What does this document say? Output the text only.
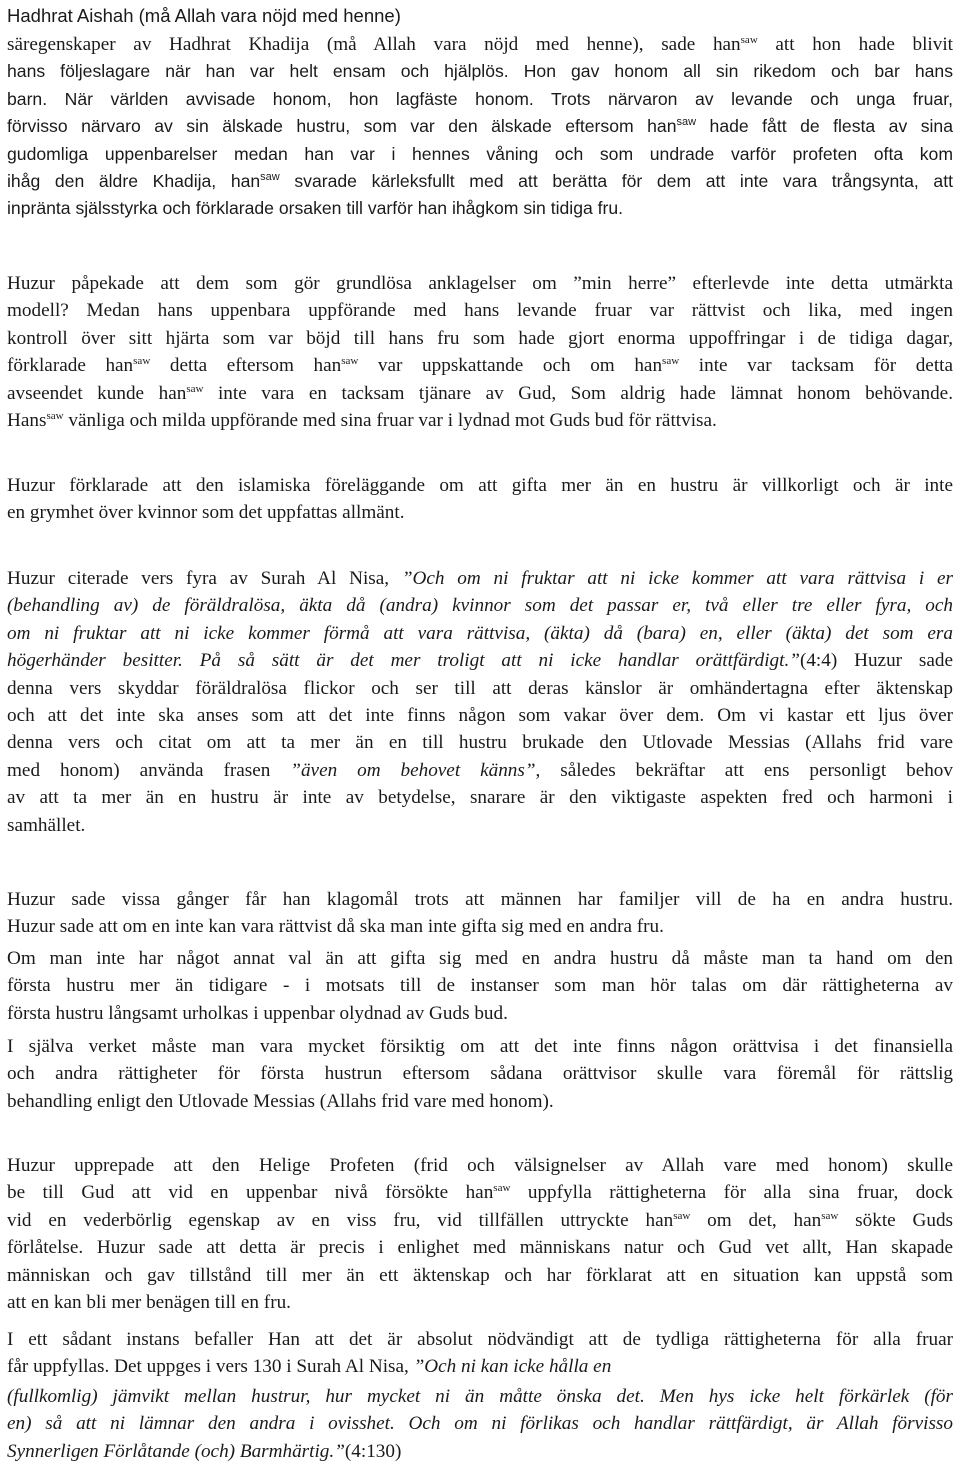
Hadhrat Aishah (må Allah vara nöjd med henne)
säregenskaper av Hadhrat Khadija (må Allah vara nöjd med henne), sade han$^{saw}$ att hon hade blivit
hans följeslagare när han var helt ensam och hjälplös. Hon gav honom all sin rikedom och bar hans
barn. När världen avvisade honom, hon lagfäste honom. Trots närvaron av levande och unga fruar,
förvisso närvaro av sin älskade hustru, som var den älskade eftersom han$^{saw}$ hade fått de flesta av sina
gudomliga uppenbarelser medan han var i hennes våning och som undrade varför profeten ofta kom
ihåg den äldre Khadija, han$^{saw}$ svarade kärleksfullt med att berätta för dem att inte vara trångsynta, att
inpränta själsstyrka och förklarade orsaken till varför han ihågkom sin tidiga fru.
Huzur påpekade att dem som gör grundlösa anklagelser om ”min herre” efterlevde inte detta utmärkta
modell? Medan hans uppenbara uppförande med hans levande fruar var rättvist och lika, med ingen
kontroll över sitt hjärta som var böjd till hans fru som hade gjort enorma uppoffringar i de tidiga dagar,
förklarade han$^{saw}$ detta eftersom han$^{saw}$ var uppskattande och om han$^{saw}$ inte var tacksam för detta
avseendet kunde han$^{saw}$ inte vara en tacksam tjänare av Gud, Som aldrig hade lämnat honom behövande.
Hans$^{saw}$ vänliga och milda uppförande med sina fruar var i lydnad mot Guds bud för rättvisa.
Huzur förklarade att den islamiska föreläggande om att gifta mer än en hustru är villkorligt och är inte
en grymhet över kvinnor som det uppfattas allmänt.
Huzur citerade vers fyra av Surah Al Nisa, ”Och om ni fruktar att ni icke kommer att vara rättvisa i er
(behandling av) de föräldralösa, äkta då (andra) kvinnor som det passar er, två eller tre eller fyra, och
om ni fruktar att ni icke kommer förmå att vara rättvisa, (äkta) då (bara) en, eller (äkta) det som era
högerhänder besitter. På så sätt är det mer troligt att ni icke handlar orättfärdigt.”(4:4) Huzur sade
denna vers skyddar föräldralösa flickor och ser till att deras känslor är omhändertagna efter äktenskap
och att det inte ska anses som att det inte finns någon som vakar över dem. Om vi kastar ett ljus över
denna vers och citat om att ta mer än en till hustru brukade den Utlovade Messias (Allahs frid vare
med honom) använda frasen ”även om behovet känns”, således bekräftar att ens personligt behov
av att ta mer än en hustru är inte av betydelse, snarare är den viktigaste aspekten fred och harmoni i
samhället.
Huzur sade vissa gånger får han klagomål trots att männen har familjer vill de ha en andra hustru.
Huzur sade att om en inte kan vara rättvist då ska man inte gifta sig med en andra fru.
Om man inte har något annat val än att gifta sig med en andra hustru då måste man ta hand om den
första hustru mer än tidigare - i motsats till de instanser som man hör talas om där rättigheterna av
första hustru långsamt urholkas i uppenbar olydnad av Guds bud.
I själva verket måste man vara mycket försiktig om att det inte finns någon orättvisa i det finansiella
och andra rättigheter för första hustrun eftersom sådana orättvisor skulle vara föremål för rättslig
behandling enligt den Utlovade Messias (Allahs frid vare med honom).
Huzur upprepade att den Helige Profeten (frid och välsignelser av Allah vare med honom) skulle
be till Gud att vid en uppenbar nivå försökte han$^{saw}$ uppfylla rättigheterna för alla sina fruar, dock
vid en vederbörlig egenskap av en viss fru, vid tillfällen uttryckte han$^{saw}$ om det, han$^{saw}$ sökte Guds
förlåtelse. Huzur sade att detta är precis i enlighet med människans natur och Gud vet allt, Han skapade
människan och gav tillstånd till mer än ett äktenskap och har förklarat att en situation kan uppstå som
att en kan bli mer benägen till en fru.
I ett sådant instans befaller Han att det är absolut nödvändigt att de tydliga rättigheterna för alla fruar
får uppfyllas. Det uppges i vers 130 i Surah Al Nisa, ”Och ni kan icke hålla en
(fullkomlig) jämvikt mellan hustrur, hur mycket ni än måtte önska det. Men hys icke helt förkärlek (för
en) så att ni lämnar den andra i ovisshet. Och om ni förlikas och handlar rättfärdigt, är Allah förvisso
Synnerligen Förlåtande (och) Barmhärtig.”(4:130)
